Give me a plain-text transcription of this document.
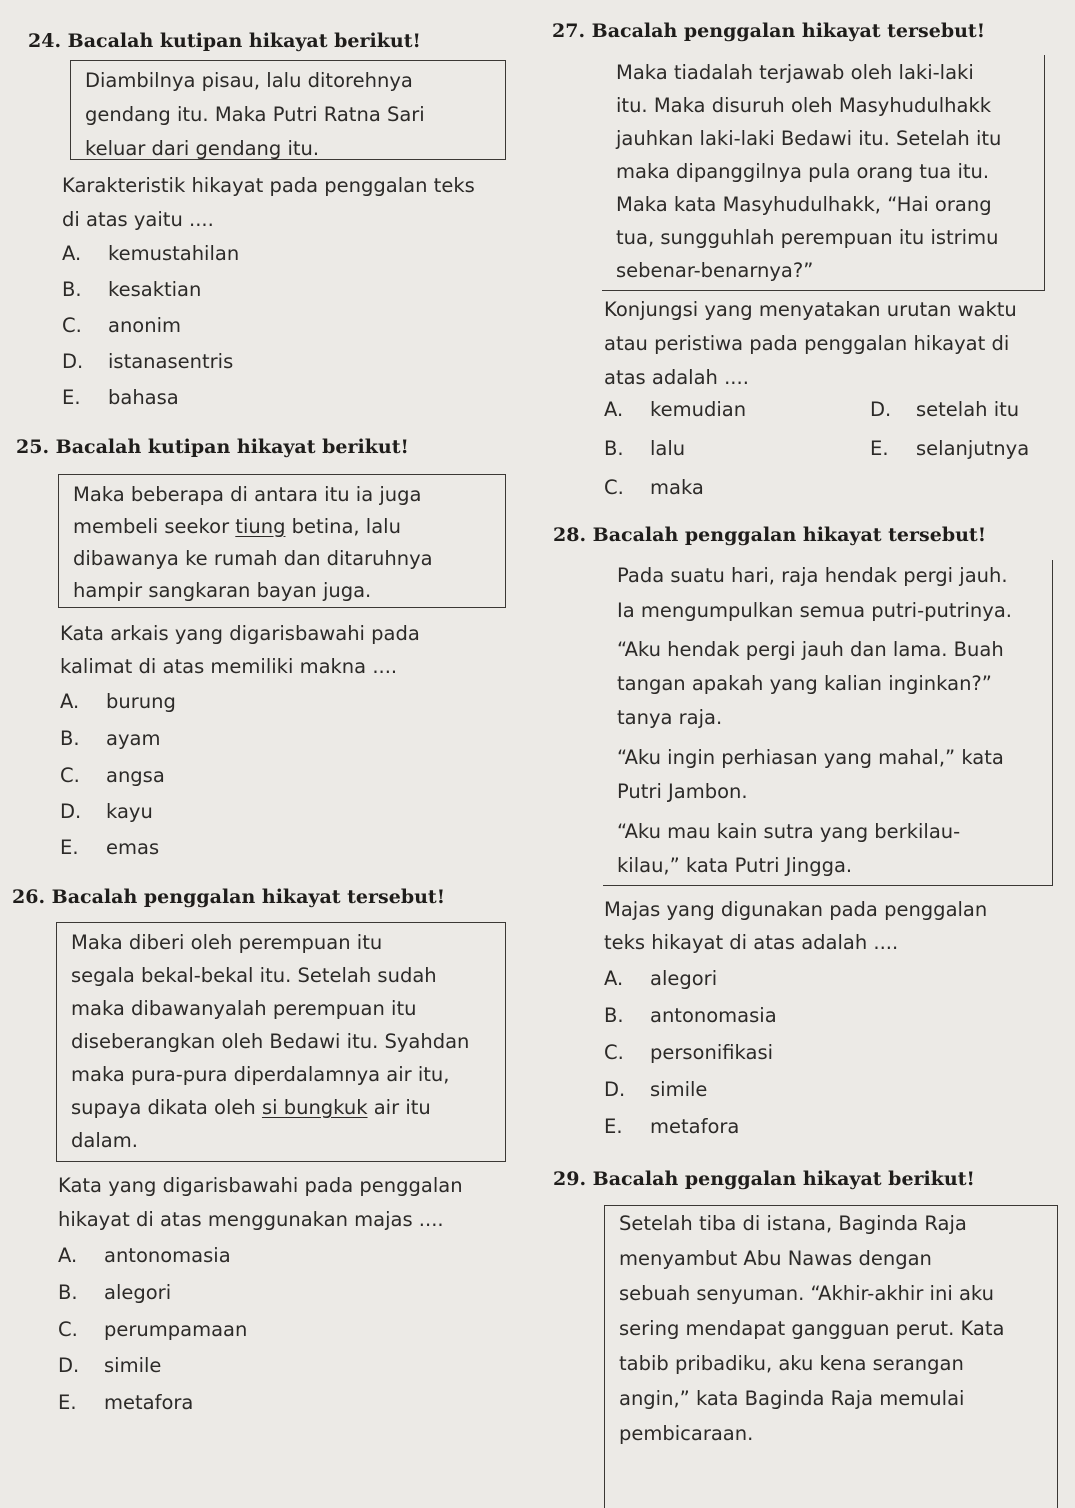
24. Bacalah kutipan hikayat berikut!
Diambilnya pisau, lalu ditorehnya
gendang itu. Maka Putri Ratna Sari
keluar dari gendang itu.
Karakteristik hikayat pada penggalan teks
di atas yaitu ....
A. kemustahilan
B. kesaktian
C. anonim
D. istanasentris
E. bahasa
25. Bacalah kutipan hikayat berikut!
Maka beberapa di antara itu ia juga
membeli seekor tiung betina, lalu
dibawanya ke rumah dan ditaruhnya
hampir sangkaran bayan juga.
Kata arkais yang digarisbawahi pada
kalimat di atas memiliki makna ....
A. burung
B. ayam
C. angsa
D. kayu
E. emas
26. Bacalah penggalan hikayat tersebut!
Maka diberi oleh perempuan itu
segala bekal-bekal itu. Setelah sudah
maka dibawanyalah perempuan itu
diseberangkan oleh Bedawi itu. Syahdan
maka pura-pura diperdalamnya air itu,
supaya dikata oleh si bungkuk air itu
dalam.
Kata yang digarisbawahi pada penggalan
hikayat di atas menggunakan majas ....
A. antonomasia
B. alegori
C. perumpamaan
D. simile
E. metafora
27. Bacalah penggalan hikayat tersebut!
Maka tiadalah terjawab oleh laki-laki
itu. Maka disuruh oleh Masyhudulhakk
jauhkan laki-laki Bedawi itu. Setelah itu
maka dipanggilnya pula orang tua itu.
Maka kata Masyhudulhakk, “Hai orang
tua, sungguhlah perempuan itu istrimu
sebenar-benarnya?”
Konjungsi yang menyatakan urutan waktu
atau peristiwa pada penggalan hikayat di
atas adalah ....
A. kemudian
B. lalu
C. maka
D. setelah itu
E. selanjutnya
28. Bacalah penggalan hikayat tersebut!
Pada suatu hari, raja hendak pergi jauh.
Ia mengumpulkan semua putri-putrinya.
“Aku hendak pergi jauh dan lama. Buah
tangan apakah yang kalian inginkan?”
tanya raja.
“Aku ingin perhiasan yang mahal,” kata
Putri Jambon.
“Aku mau kain sutra yang berkilau-
kilau,” kata Putri Jingga.
Majas yang digunakan pada penggalan
teks hikayat di atas adalah ....
A. alegori
B. antonomasia
C. personifikasi
D. simile
E. metafora
29. Bacalah penggalan hikayat berikut!
Setelah tiba di istana, Baginda Raja
menyambut Abu Nawas dengan
sebuah senyuman. “Akhir-akhir ini aku
sering mendapat gangguan perut. Kata
tabib pribadiku, aku kena serangan
angin,” kata Baginda Raja memulai
pembicaraan.
